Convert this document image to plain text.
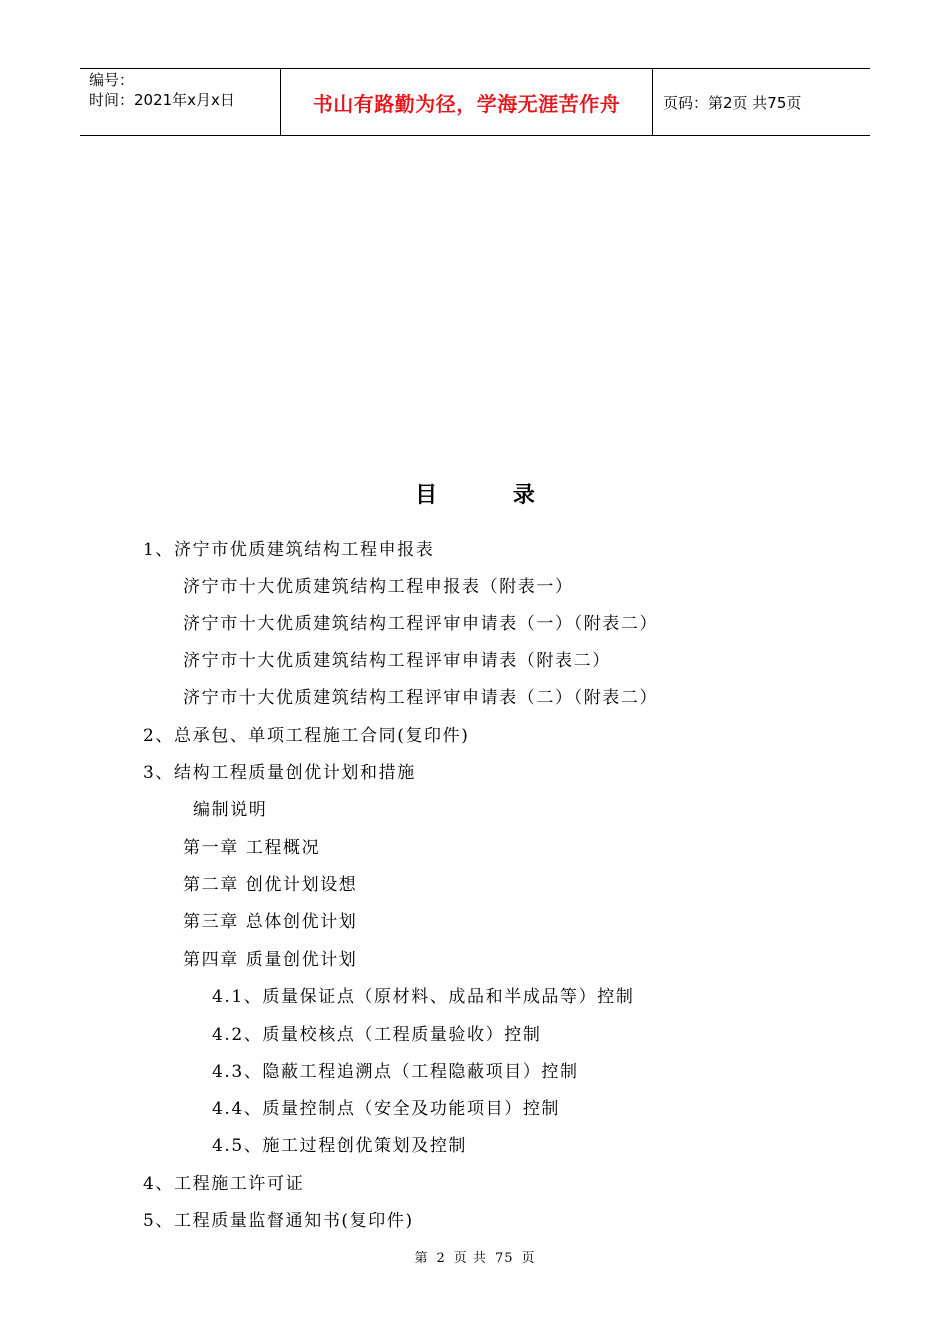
编号：
时间：2021年x月x日	书山有路勤为径，学海无涯苦作舟	页码：第2页 共75页
目 录
1、济宁市优质建筑结构工程申报表
济宁市十大优质建筑结构工程申报表（附表一）
济宁市十大优质建筑结构工程评审申请表（一）（附表二）
济宁市十大优质建筑结构工程评审申请表（附表二）
济宁市十大优质建筑结构工程评审申请表（二）（附表二）
2、总承包、单项工程施工合同(复印件)
3、结构工程质量创优计划和措施
编制说明
第一章 工程概况
第二章 创优计划设想
第三章 总体创优计划
第四章 质量创优计划
4.1、质量保证点（原材料、成品和半成品等）控制
4.2、质量校核点（工程质量验收）控制
4.3、隐蔽工程追溯点（工程隐蔽项目）控制
4.4、质量控制点（安全及功能项目）控制
4.5、施工过程创优策划及控制
4、工程施工许可证
5、工程质量监督通知书(复印件)
第 2 页 共 75 页
